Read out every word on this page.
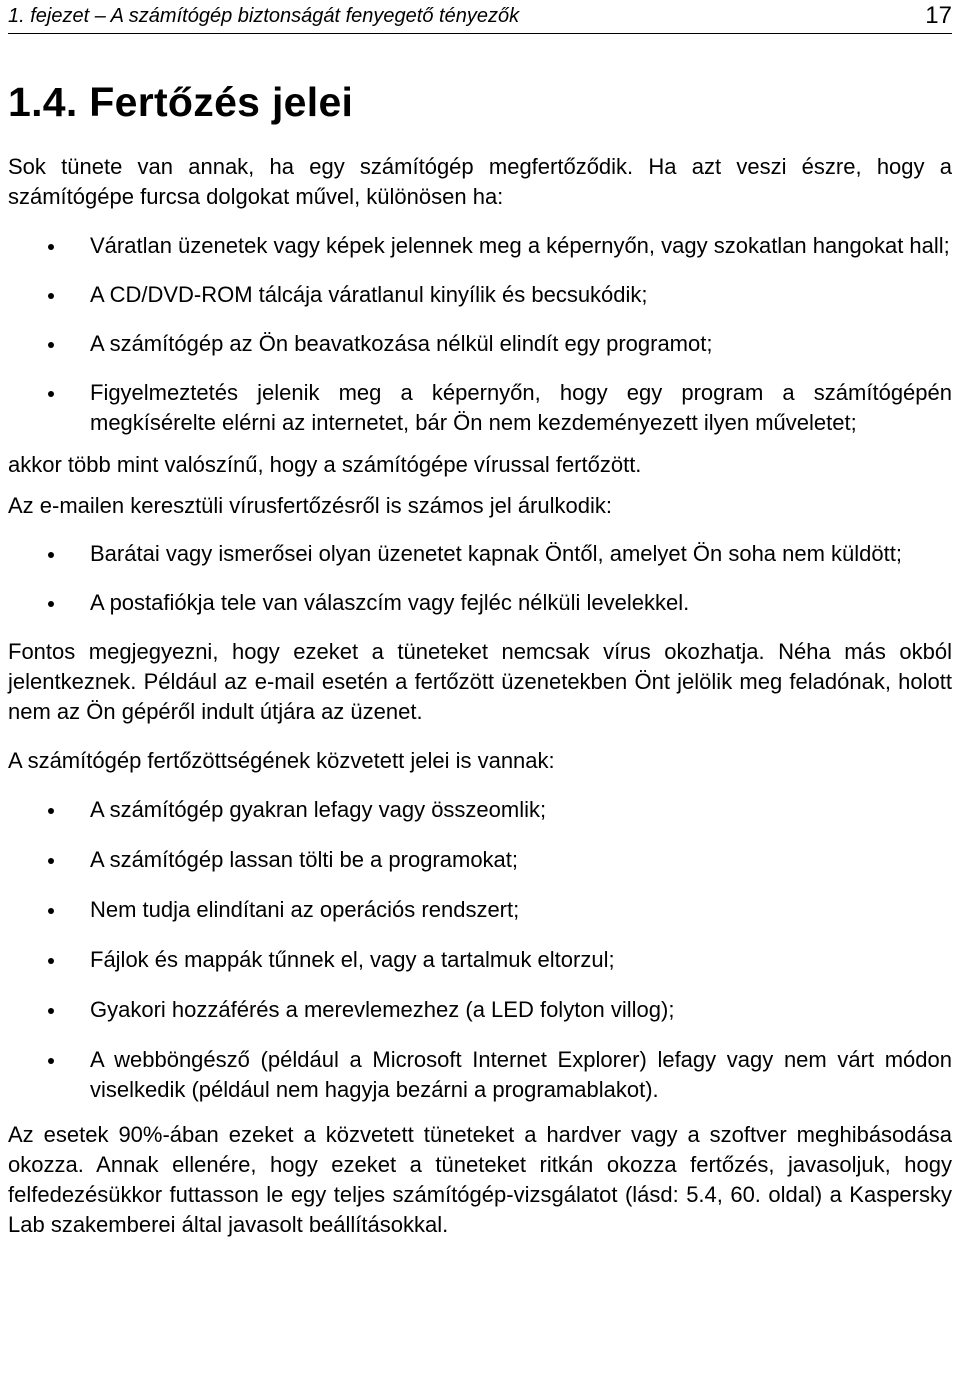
1. fejezet – A számítógép biztonságát fenyegető tényezők	17
1.4. Fertőzés jelei

Sok tünete van annak, ha egy számítógép megfertőződik. Ha azt veszi észre, hogy a számítógépe furcsa dolgokat művel, különösen ha:

Váratlan üzenetek vagy képek jelennek meg a képernyőn, vagy szokatlan hangokat hall;
A CD/DVD-ROM tálcája váratlanul kinyílik és becsukódik;
A számítógép az Ön beavatkozása nélkül elindít egy programot;
Figyelmeztetés jelenik meg a képernyőn, hogy egy program a számítógépén megkísérelte elérni az internetet, bár Ön nem kezdeményezett ilyen műveletet;

akkor több mint valószínű, hogy a számítógépe vírussal fertőzött.

Az e-mailen keresztüli vírusfertőzésről is számos jel árulkodik:

Barátai vagy ismerősei olyan üzenetet kapnak Öntől, amelyet Ön soha nem küldött;
A postafiókja tele van válaszcím vagy fejléc nélküli levelekkel.

Fontos megjegyezni, hogy ezeket a tüneteket nemcsak vírus okozhatja. Néha más okból jelentkeznek. Például az e-mail esetén a fertőzött üzenetekben Önt jelölik meg feladónak, holott nem az Ön gépéről indult útjára az üzenet.

A számítógép fertőzöttségének közvetett jelei is vannak:

A számítógép gyakran lefagy vagy összeomlik;
A számítógép lassan tölti be a programokat;
Nem tudja elindítani az operációs rendszert;
Fájlok és mappák tűnnek el, vagy a tartalmuk eltorzul;
Gyakori hozzáférés a merevlemezhez (a LED folyton villog);
A webböngésző (például a Microsoft Internet Explorer) lefagy vagy nem várt módon viselkedik (például nem hagyja bezárni a programablakot).

Az esetek 90%-ában ezeket a közvetett tüneteket a hardver vagy a szoftver meghibásodása okozza. Annak ellenére, hogy ezeket a tüneteket ritkán okozza fertőzés, javasoljuk, hogy felfedezésükkor futtasson le egy teljes számítógép-vizsgálatot (lásd: 5.4, 60. oldal) a Kaspersky Lab szakemberei által javasolt beállításokkal.
